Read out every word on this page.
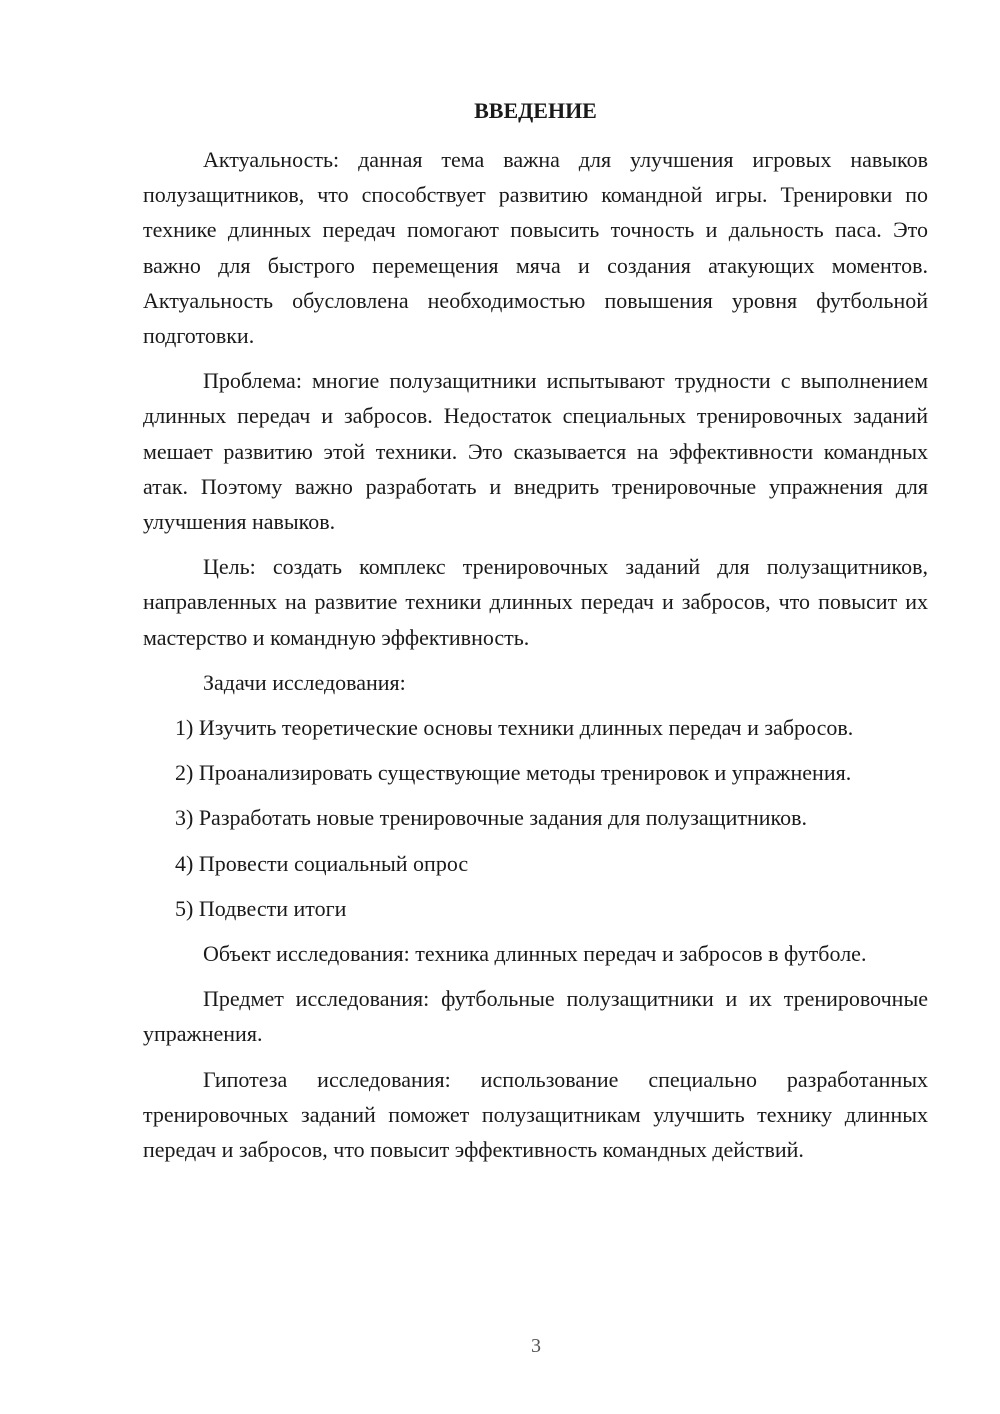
ВВЕДЕНИЕ

Актуальность: данная тема важна для улучшения игровых навыков полузащитников, что способствует развитию командной игры. Тренировки по технике длинных передач помогают повысить точность и дальность паса. Это важно для быстрого перемещения мяча и создания атакующих моментов. Актуальность обусловлена необходимостью повышения уровня футбольной подготовки.

Проблема: многие полузащитники испытывают трудности с выполнением длинных передач и забросов. Недостаток специальных тренировочных заданий мешает развитию этой техники. Это сказывается на эффективности командных атак. Поэтому важно разработать и внедрить тренировочные упражнения для улучшения навыков.

Цель: создать комплекс тренировочных заданий для полузащитников, направленных на развитие техники длинных передач и забросов, что повысит их мастерство и командную эффективность.

Задачи исследования:

1) Изучить теоретические основы техники длинных передач и забросов.

2) Проанализировать существующие методы тренировок и упражнения.

3) Разработать новые тренировочные задания для полузащитников.

4) Провести социальный опрос

5) Подвести итоги

Объект исследования: техника длинных передач и забросов в футболе.

Предмет исследования: футбольные полузащитники и их тренировочные упражнения.

Гипотеза исследования: использование специально разработанных тренировочных заданий поможет полузащитникам улучшить технику длинных передач и забросов, что повысит эффективность командных действий.

3
